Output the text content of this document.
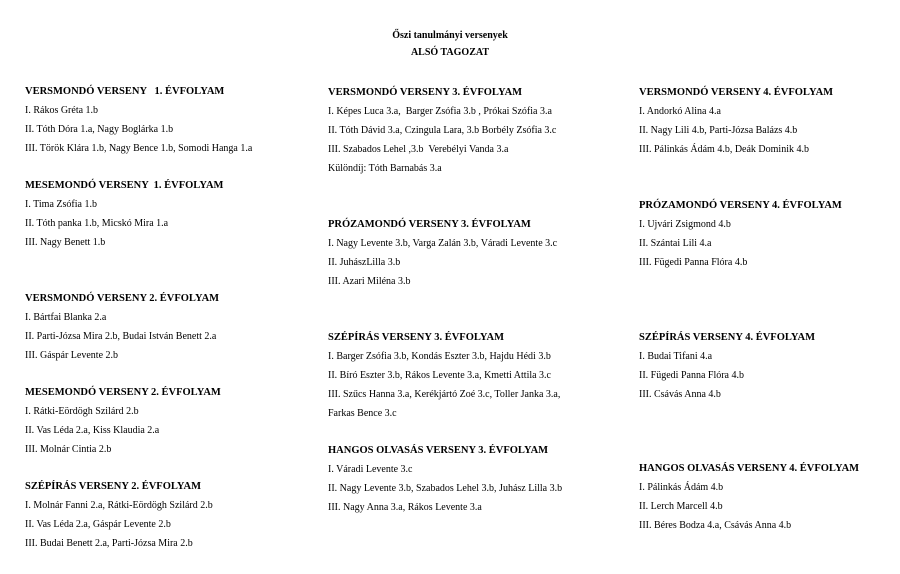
Őszi tanulmányi versenyek
ALSÓ TAGOZAT
VERSMONDÓ VERSENY   1. ÉVFOLYAM
I. Rákos Gréta 1.b
II. Tóth Dóra 1.a, Nagy Boglárka 1.b
III. Török Klára 1.b, Nagy Bence 1.b, Somodi Hanga 1.a
MESEMONDÓ VERSENY  1. ÉVFOLYAM
I. Tima Zsófia 1.b
II. Tóth panka 1.b, Micskó Mira 1.a
III. Nagy Benett 1.b
VERSMONDÓ VERSENY 2. ÉVFOLYAM
I. Bártfai Blanka 2.a
II. Parti-Józsa Mira 2.b, Budai István Benett 2.a
III. Gáspár Levente 2.b
MESEMONDÓ VERSENY 2. ÉVFOLYAM
I. Rátki-Eördögh Szilárd 2.b
II. Vas Léda 2.a, Kiss Klaudia 2.a
III. Molnár Cintia 2.b
SZÉPÍRÁS VERSENY 2. ÉVFOLYAM
I. Molnár Fanni 2.a, Rátki-Eördögh Szilárd 2.b
II. Vas Léda 2.a, Gáspár Levente 2.b
III. Budai Benett 2.a, Parti-Józsa Mira 2.b
VERSMONDÓ VERSENY 3. ÉVFOLYAM
I. Képes Luca 3.a,  Barger Zsófia 3.b , Prókai Szófia 3.a
II. Tóth Dávid 3.a, Czingula Lara, 3.b Borbély Zsófia 3.c
III. Szabados Lehel ,3.b  Verebélyi Vanda 3.a
Különdíj: Tóth Barnabás 3.a
PRÓZAMONDÓ VERSENY 3. ÉVFOLYAM
I. Nagy Levente 3.b, Varga Zalán 3.b, Váradi Levente 3.c
II. JuhászLilla 3.b
III. Azari Miléna 3.b
SZÉPÍRÁS VERSENY 3. ÉVFOLYAM
I. Barger Zsófia 3.b, Kondás Eszter 3.b, Hajdu Hédi 3.b
II. Bíró Eszter 3.b, Rákos Levente 3.a, Kmetti Attila 3.c
III. Szűcs Hanna 3.a, Kerékjártó Zoé 3.c, Toller Janka 3.a,
Farkas Bence 3.c
HANGOS OLVASÁS VERSENY 3. ÉVFOLYAM
I. Váradi Levente 3.c
II. Nagy Levente 3.b, Szabados Lehel 3.b, Juhász Lilla 3.b
III. Nagy Anna 3.a, Rákos Levente 3.a
VERSMONDÓ VERSENY 4. ÉVFOLYAM
I. Andorkó Alina 4.a
II. Nagy Lili 4.b, Parti-Józsa Balázs 4.b
III. Pálinkás Ádám 4.b, Deák Dominik 4.b
PRÓZAMONDÓ VERSENY 4. ÉVFOLYAM
I. Ujvári Zsigmond 4.b
II. Szántai Lili 4.a
III. Fügedi Panna Flóra 4.b
SZÉPÍRÁS VERSENY 4. ÉVFOLYAM
I. Budai Tifani 4.a
II. Fügedi Panna Flóra 4.b
III. Csávás Anna 4.b
HANGOS OLVASÁS VERSENY 4. ÉVFOLYAM
I. Pálinkás Ádám 4.b
II. Lerch Marcell 4.b
III. Béres Bodza 4.a, Csávás Anna 4.b
